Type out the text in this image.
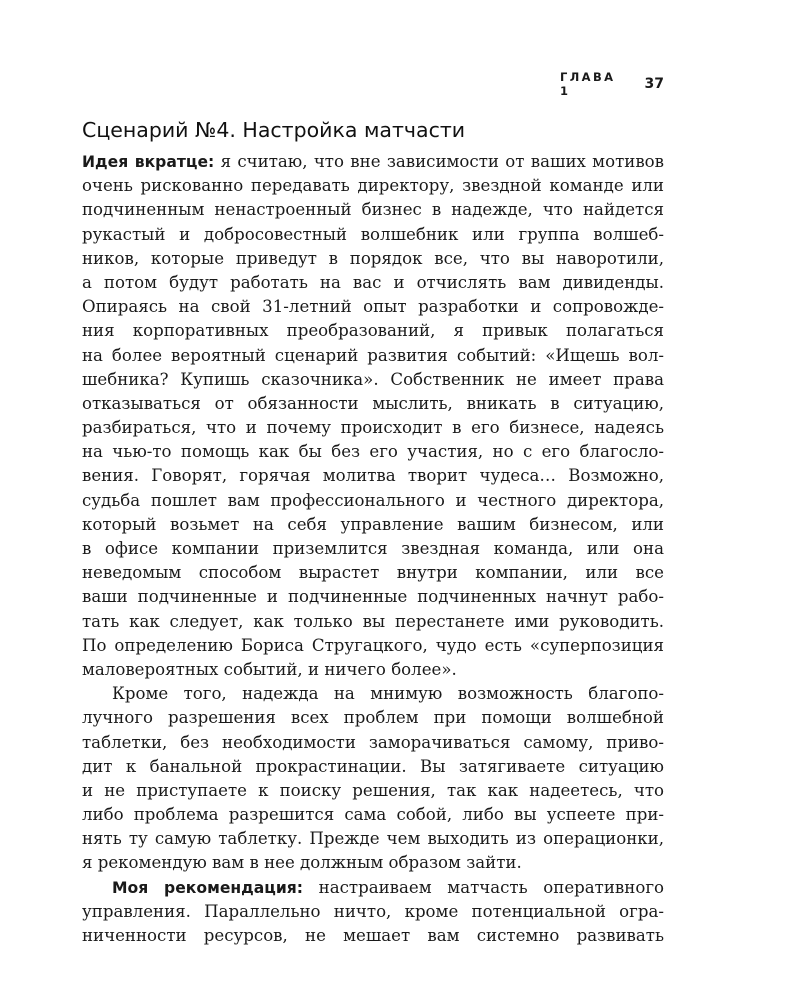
ГЛАВА 1	37
Сценарий №4. Настройка матчасти
Идея вкратце: я считаю, что вне зависимости от ваших мотивов
очень рискованно передавать директору, звездной команде или
подчиненным ненастроенный бизнес в надежде, что найдется
рукастый и добросовестный волшебник или группа волшеб-
ников, которые приведут в порядок все, что вы наворотили,
а потом будут работать на вас и отчислять вам дивиденды.
Опираясь на свой 31-летний опыт разработки и сопровожде-
ния корпоративных преобразований, я привык полагаться
на более вероятный сценарий развития событий: «Ищешь вол-
шебника? Купишь сказочника». Собственник не имеет права
отказываться от обязанности мыслить, вникать в ситуацию,
разбираться, что и почему происходит в его бизнесе, надеясь
на чью-то помощь как бы без его участия, но с его благосло-
вения. Говорят, горячая молитва творит чудеса… Возможно,
судьба пошлет вам профессионального и честного директора,
который возьмет на себя управление вашим бизнесом, или
в офисе компании приземлится звездная команда, или она
неведомым способом вырастет внутри компании, или все
ваши подчиненные и подчиненные подчиненных начнут рабо-
тать как следует, как только вы перестанете ими руководить.
По определению Бориса Стругацкого, чудо есть «суперпозиция
маловероятных событий, и ничего более».
Кроме того, надежда на мнимую возможность благопо-
лучного разрешения всех проблем при помощи волшебной
таблетки, без необходимости заморачиваться самому, приво-
дит к банальной прокрастинации. Вы затягиваете ситуацию
и не приступаете к поиску решения, так как надеетесь, что
либо проблема разрешится сама собой, либо вы успеете при-
нять ту самую таблетку. Прежде чем выходить из операционки,
я рекомендую вам в нее должным образом зайти.
Моя рекомендация: настраиваем матчасть оперативного
управления. Параллельно ничто, кроме потенциальной огра-
ниченности ресурсов, не мешает вам системно развивать
